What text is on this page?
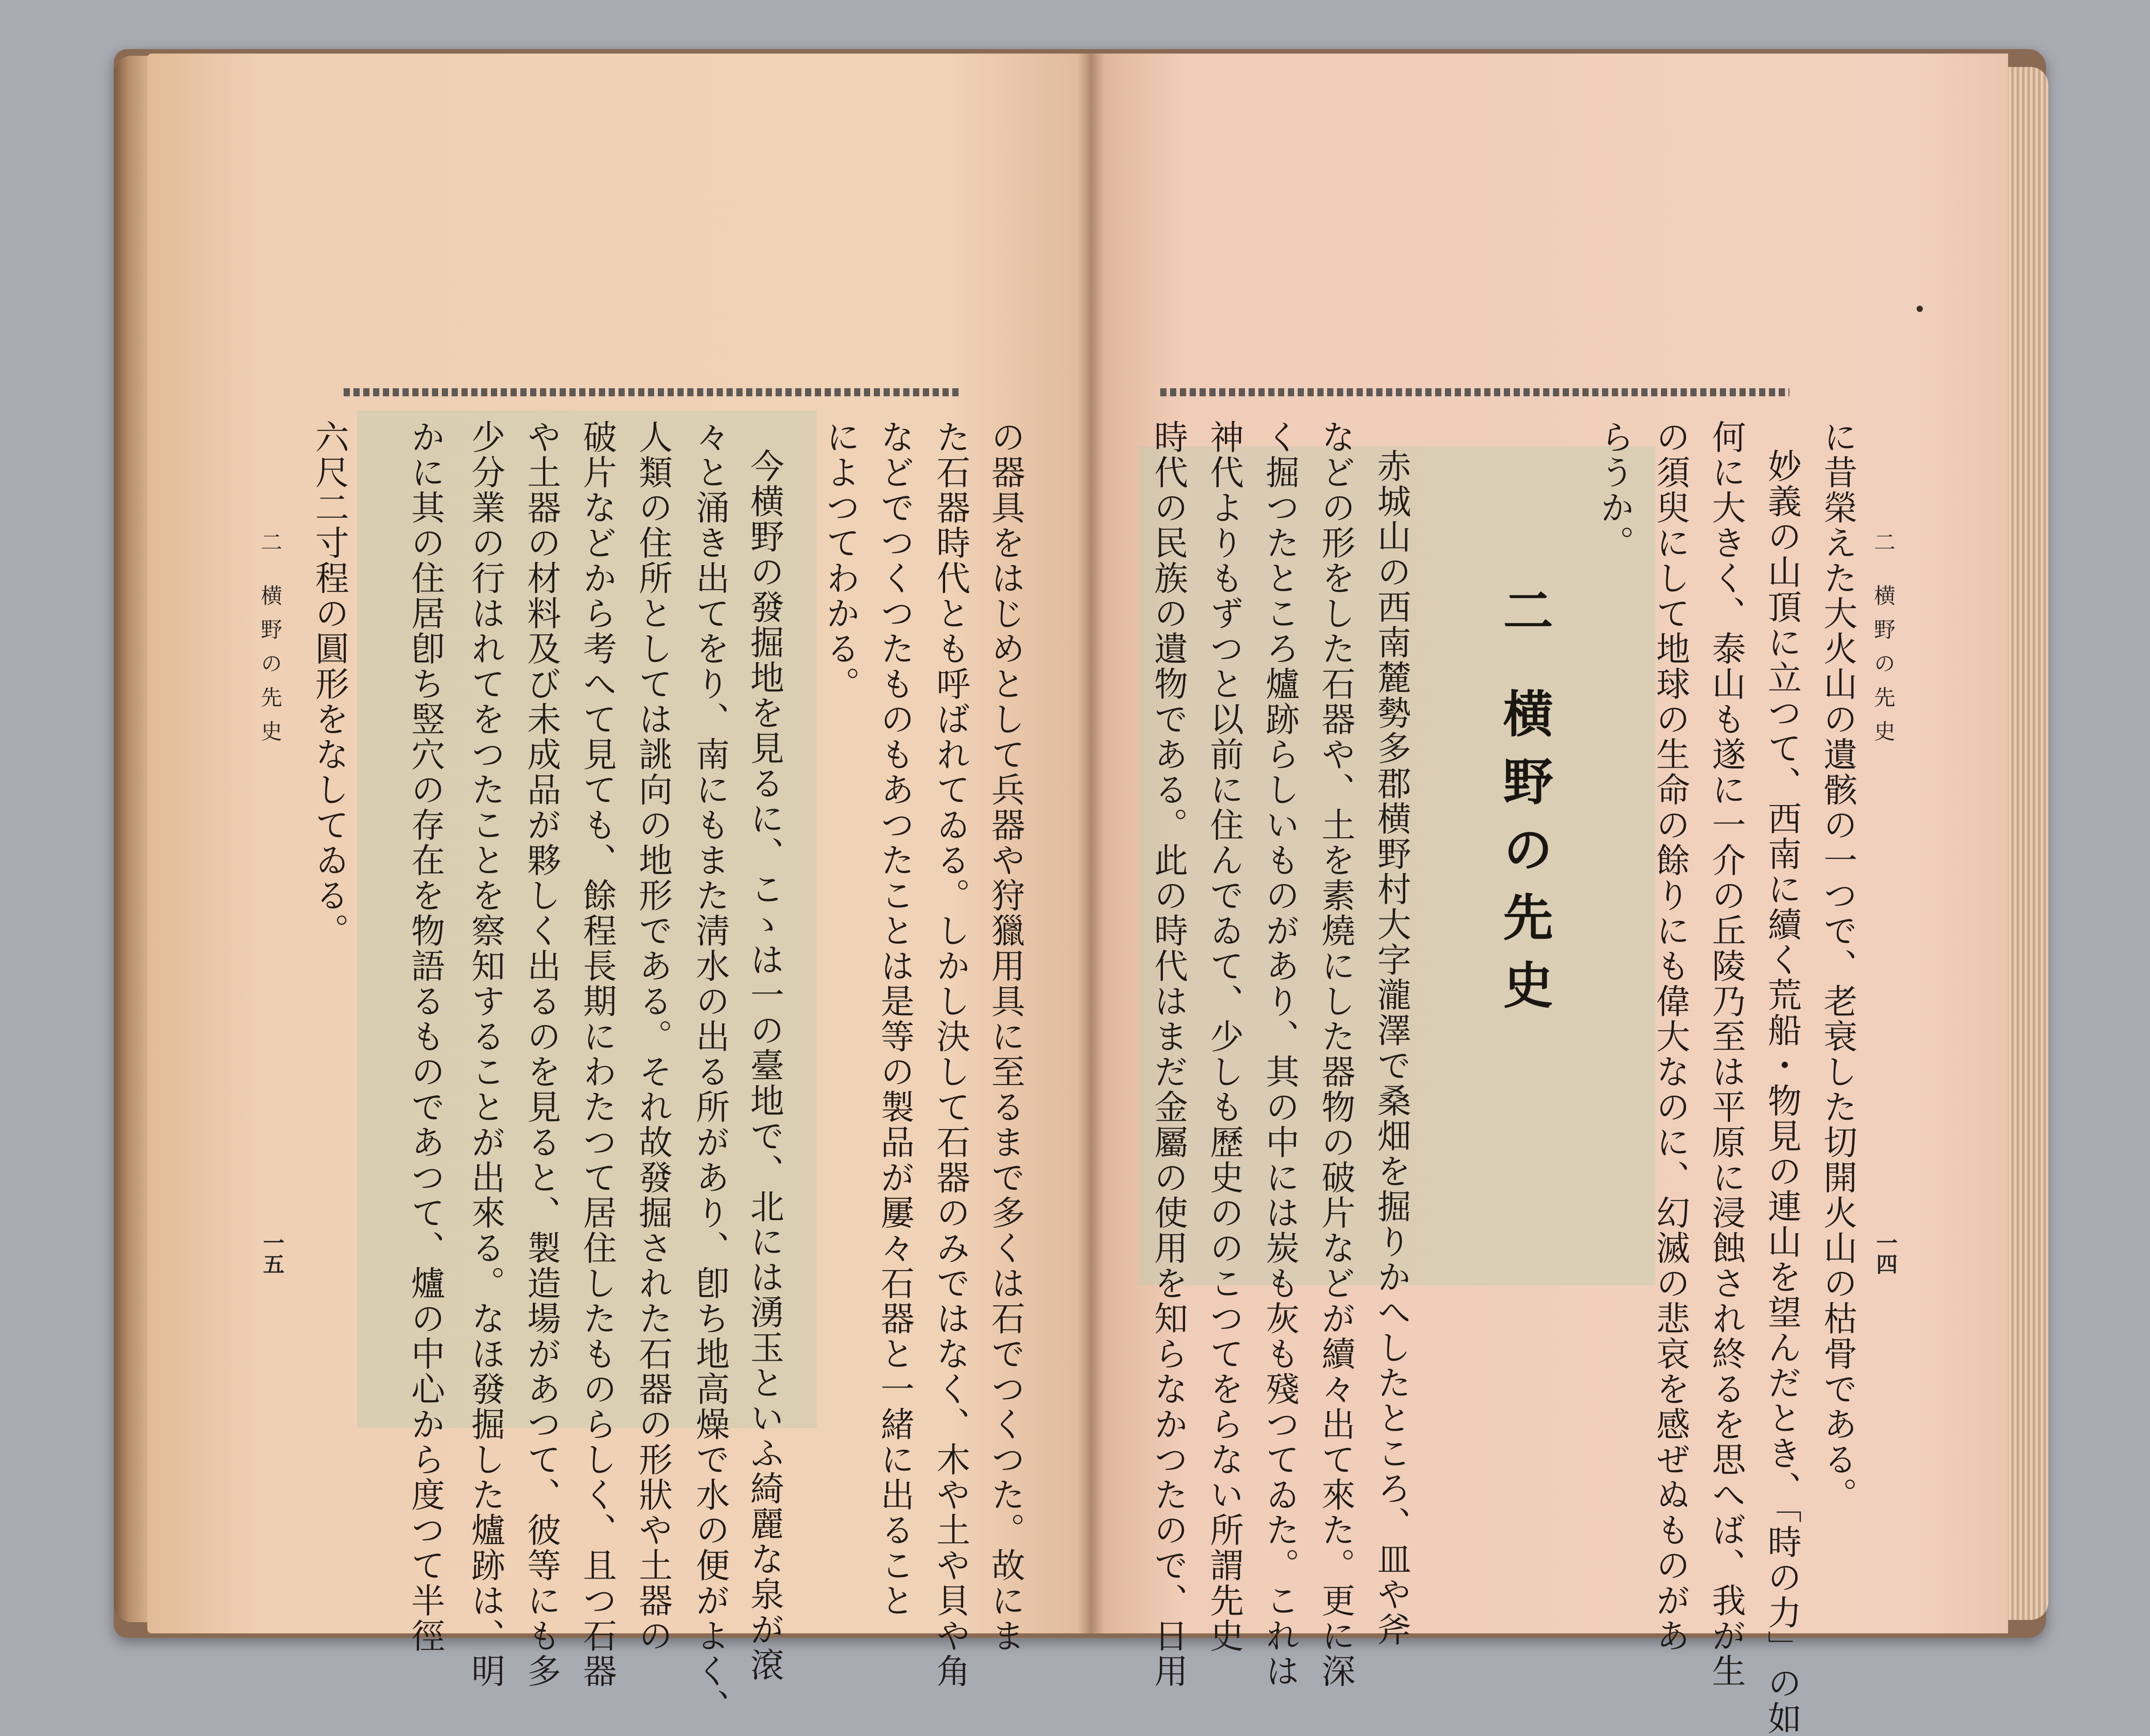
二 横野の先史
一五	の器具をはじめとして兵器や狩獵用具に至るまで多くは石でつくつた。故にま
た石器時代とも呼ばれてゐる。しかし決して石器のみではなく、木や土や貝や角
などでつくつたものもあつたことは是等の製品が屢々石器と一緒に出ること
によつてわかる。
今横野の發掘地を見るに、こゝは一の臺地で、北には湧玉といふ綺麗な泉が滾
々と涌き出てをり、南にもまた淸水の出る所があり、卽ち地高燥で水の便がよく、
人類の住所としては誂向の地形である。それ故發掘された石器の形狀や土器の
破片などから考へて見ても、餘程長期にわたつて居住したものらしく、且つ石器
や土器の材料及び未成品が夥しく出るのを見ると、製造場があつて、彼等にも多
少分業の行はれてをつたことを察知することが出來る。なほ發掘した爐跡は、明
かに其の住居卽ち竪穴の存在を物語るものであつて、爐の中心から度つて半徑
六尺二寸程の圓形をなしてゐる。	二 横野の先史
一四
に昔榮えた大火山の遺骸の一つで、老衰した切開火山の枯骨である。
妙義の山頂に立つて、西南に續く荒船・物見の連山を望んだとき、「時の力」の如
何に大きく、泰山も遂に一介の丘陵乃至は平原に浸蝕され終るを思へば、我が生
の須臾にして地球の生命の餘りにも偉大なのに、幻滅の悲哀を感ぜぬものがあ
らうか。
二 横野の先史
赤城山の西南麓勢多郡横野村大字瀧澤で桑畑を掘りかへしたところ、皿や斧
などの形をした石器や、土を素燒にした器物の破片などが續々出て來た。更に深
く掘つたところ爐跡らしいものがあり、其の中には炭も灰も殘つてゐた。これは
神代よりもずつと以前に住んでゐて、少しも歷史ののこつてをらない所謂先史
時代の民族の遺物である。此の時代はまだ金屬の使用を知らなかつたので、日用
